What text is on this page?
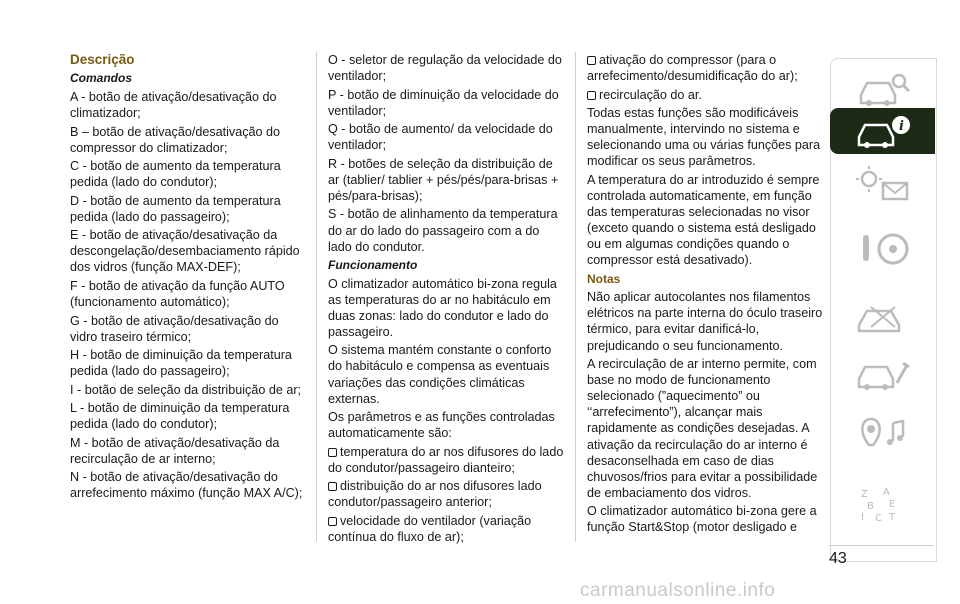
Descrição

Comandos

A - botão de ativação/desativação do climatizador;

B – botão de ativação/desativação do compressor do climatizador;

C - botão de aumento da temperatura pedida (lado do condutor);

D - botão de aumento da temperatura pedida (lado do passageiro);

E - botão de ativação/desativação da descongelação/desembaciamento rápido dos vidros (função MAX-DEF);

F - botão de ativação da função AUTO (funcionamento automático);

G - botão de ativação/desativação do vidro traseiro térmico;

H - botão de diminuição da temperatura pedida (lado do passageiro);

I - botão de seleção da distribuição de ar;

L - botão de diminuição da temperatura pedida (lado do condutor);

M - botão de ativação/desativação da recirculação de ar interno;

N - botão de ativação/desativação do arrefecimento máximo (função MAX A/C);

O - seletor de regulação da velocidade do ventilador;

P - botão de diminuição da velocidade do ventilador;

Q - botão de aumento/ da velocidade do ventilador;

R - botões de seleção da distribuição de ar (tablier/ tablier + pés/pés/para-brisas + pés/para-brisas);

S - botão de alinhamento da temperatura do ar do lado do passageiro com a do lado do condutor.

Funcionamento

O climatizador automático bi-zona regula as temperaturas do ar no habitáculo em duas zonas: lado do condutor e lado do passageiro.

O sistema mantém constante o conforto do habitáculo e compensa as eventuais variações das condições climáticas externas.

Os parâmetros e as funções controladas automaticamente são:

temperatura do ar nos difusores do lado do condutor/passageiro dianteiro;

distribuição do ar nos difusores lado condutor/passageiro anterior;

velocidade do ventilador (variação contínua do fluxo de ar);

ativação do compressor (para o arrefecimento/desumidificação do ar);

recirculação do ar.

Todas estas funções são modificáveis manualmente, intervindo no sistema e selecionando uma ou várias funções para modificar os seus parâmetros.

A temperatura do ar introduzido é sempre controlada automaticamente, em função das temperaturas selecionadas no visor (exceto quando o sistema está desligado ou em algumas condições quando o compressor está desativado).

Notas

Não aplicar autocolantes nos filamentos elétricos na parte interna do óculo traseiro térmico, para evitar danificá-lo, prejudicando o seu funcionamento.

A recirculação de ar interno permite, com base no modo de funcionamento selecionado (”aquecimento” ou ‘‘arrefecimento”), alcançar mais rapidamente as condições desejadas. A ativação da recirculação do ar interno é desaconselhada em caso de dias chuvosos/frios para evitar a possibilidade de embaciamento dos vidros.

O climatizador automático bi-zona gere a função Start&Stop (motor desligado e

i
Z A
B E
I C T
43
carmanualsonline.info
